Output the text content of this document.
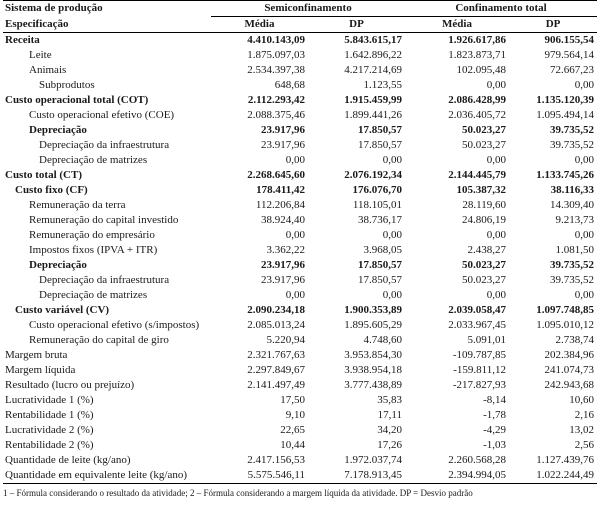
Sistema de produção	Semiconfinamento		Confinamento total	
Especificação	Média	DP	Média	DP
Receita	4.410.143,09	5.843.615,17	1.926.617,86	906.155,54
Leite	1.875.097,03	1.642.896,22	1.823.873,71	979.564,14
Animais	2.534.397,38	4.217.214,69	102.095,48	72.667,23
Subprodutos	648,68	1.123,55	0,00	0,00
Custo operacional total (COT)	2.112.293,42	1.915.459,99	2.086.428,99	1.135.120,39
Custo operacional efetivo (COE)	2.088.375,46	1.899.441,26	2.036.405,72	1.095.494,14
Depreciação	23.917,96	17.850,57	50.023,27	39.735,52
Depreciação da infraestrutura	23.917,96	17.850,57	50.023,27	39.735,52
Depreciação de matrizes	0,00	0,00	0,00	0,00
Custo total (CT)	2.268.645,60	2.076.192,34	2.144.445,79	1.133.745,26
Custo fixo (CF)	178.411,42	176.076,70	105.387,32	38.116,33
Remuneração da terra	112.206,84	118.105,01	28.119,60	14.309,40
Remuneração do capital investido	38.924,40	38.736,17	24.806,19	9.213,73
Remuneração do empresário	0,00	0,00	0,00	0,00
Impostos fixos (IPVA + ITR)	3.362,22	3.968,05	2.438,27	1.081,50
Depreciação	23.917,96	17.850,57	50.023,27	39.735,52
Depreciação da infraestrutura	23.917,96	17.850,57	50.023,27	39.735,52
Depreciação de matrizes	0,00	0,00	0,00	0,00
Custo variável (CV)	2.090.234,18	1.900.353,89	2.039.058,47	1.097.748,85
Custo operacional efetivo (s/impostos)	2.085.013,24	1.895.605,29	2.033.967,45	1.095.010,12
Remuneração do capital de giro	5.220,94	4.748,60	5.091,01	2.738,74
Margem bruta	2.321.767,63	3.953.854,30	-109.787,85	202.384,96
Margem líquida	2.297.849,67	3.938.954,18	-159.811,12	241.074,73
Resultado (lucro ou prejuízo)	2.141.497,49	3.777.438,89	-217.827,93	242.943,68
Lucratividade 1 (%)	17,50	35,83	-8,14	10,60
Rentabilidade 1 (%)	9,10	17,11	-1,78	2,16
Lucratividade 2 (%)	22,65	34,20	-4,29	13,02
Rentabilidade 2 (%)	10,44	17,26	-1,03	2,56
Quantidade de leite (kg/ano)	2.417.156,53	1.972.037,74	2.260.568,28	1.127.439,76
Quantidade em equivalente leite (kg/ano)	5.575.546,11	7.178.913,45	2.394.994,05	1.022.244,49
1 – Fórmula considerando o resultado da atividade; 2 – Fórmula considerando a margem líquida da atividade. DP = Desvio padrão
